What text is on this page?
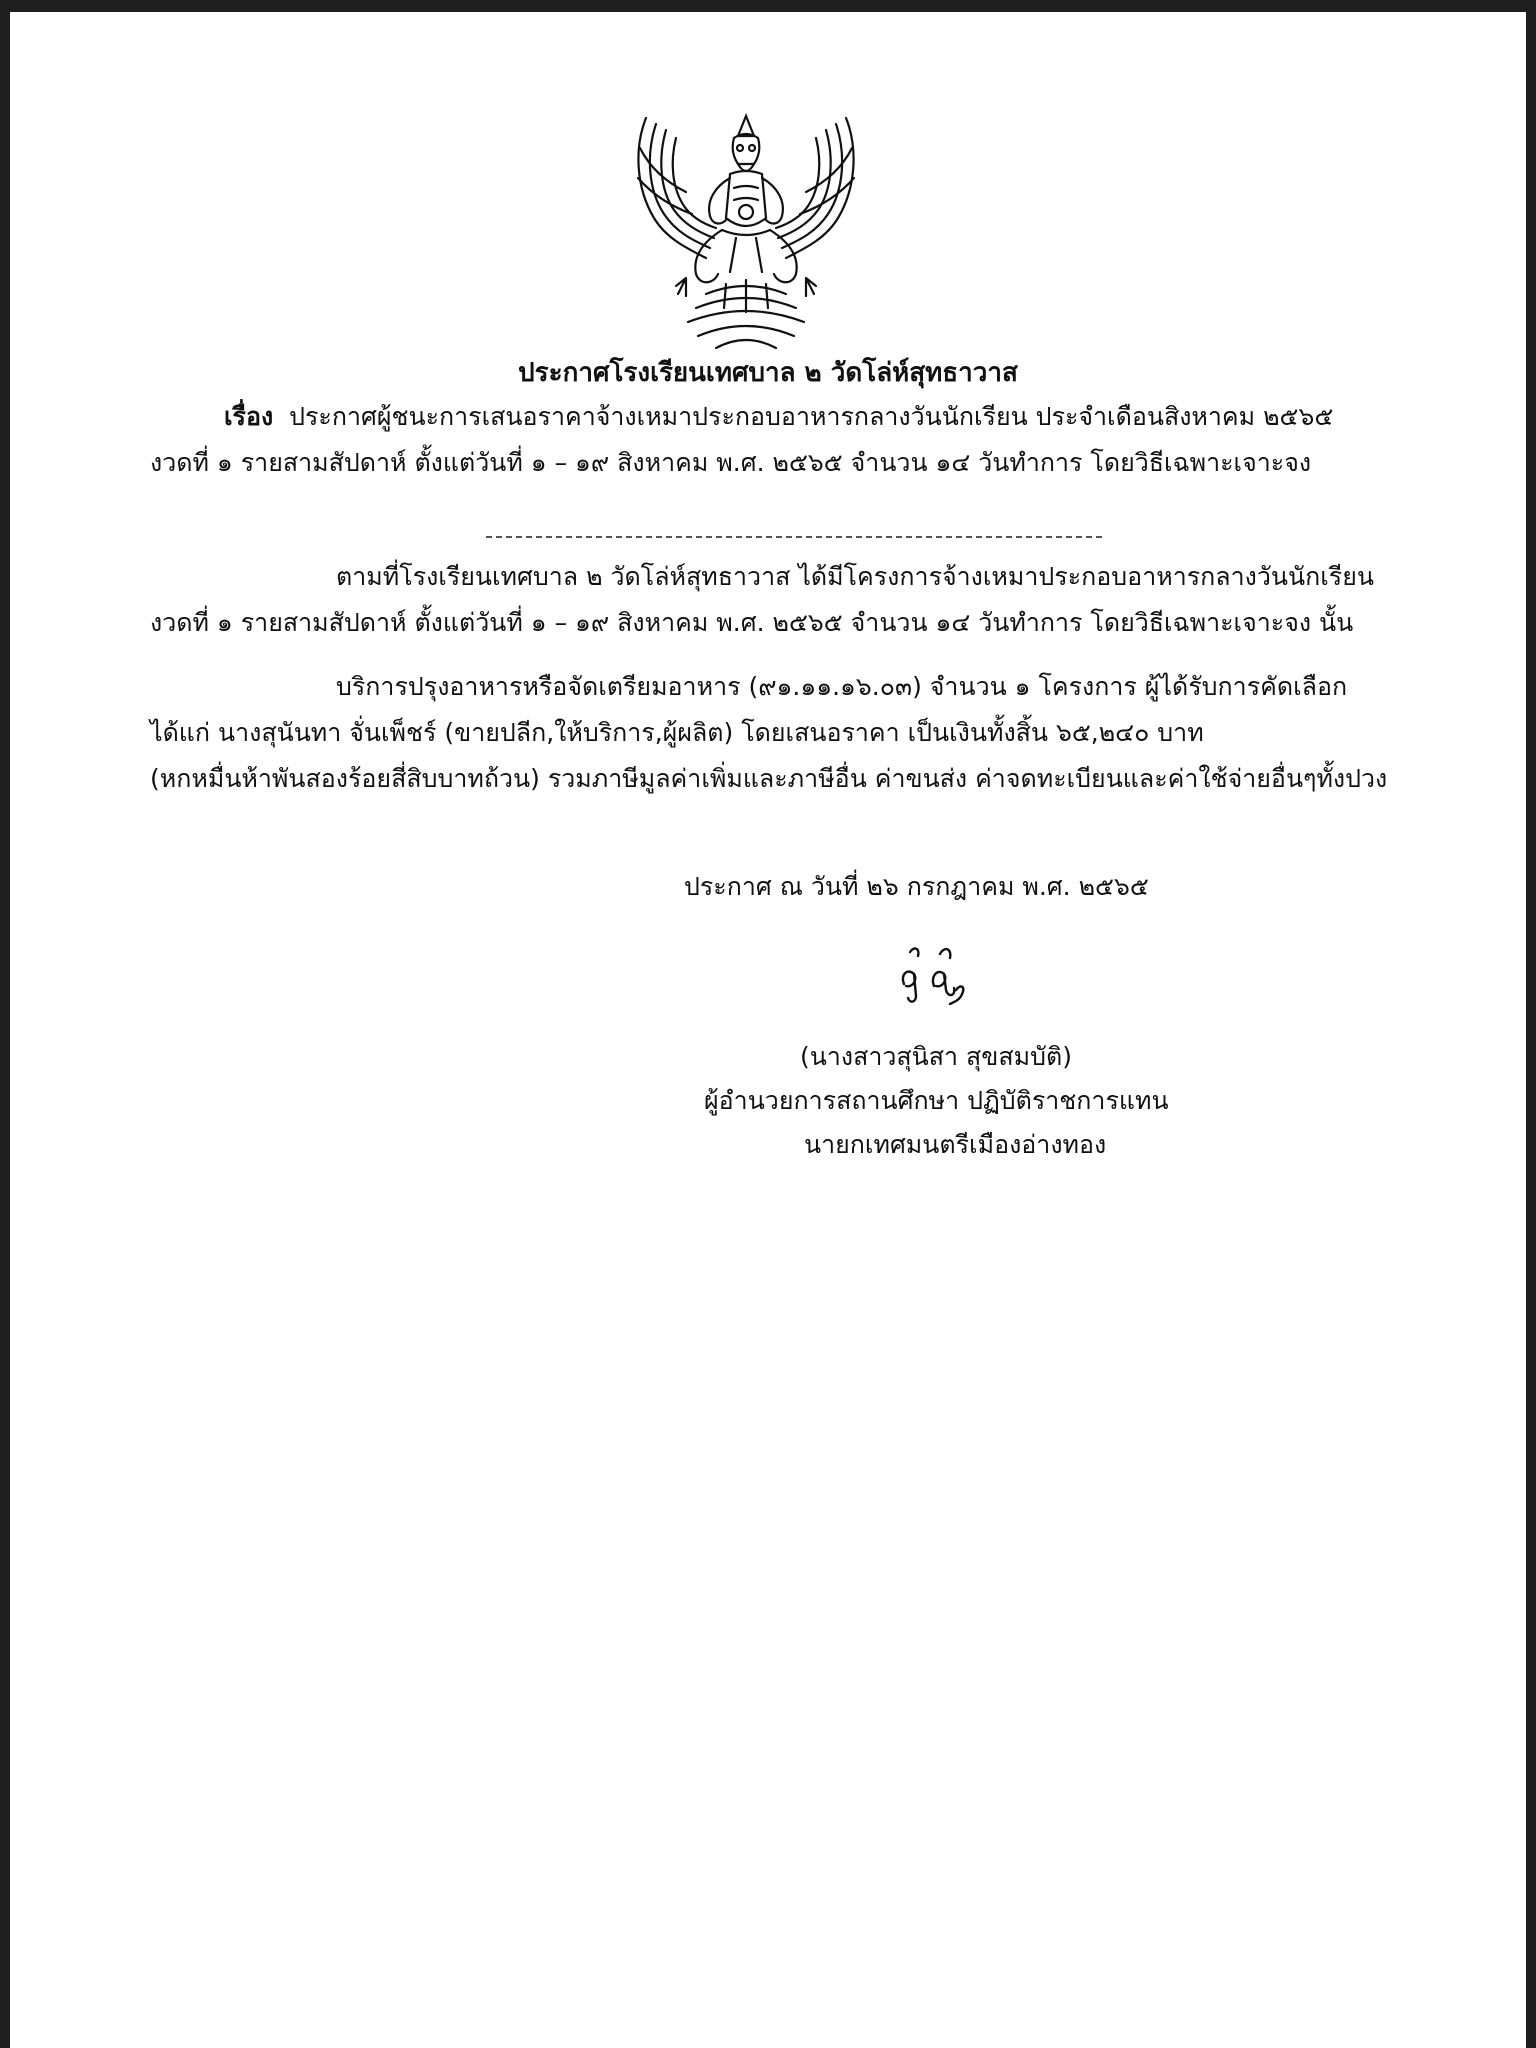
ประกาศโรงเรียนเทศบาล ๒ วัดโล่ห์สุทธาวาส
เรื่อง ประกาศผู้ชนะการเสนอราคาจ้างเหมาประกอบอาหารกลางวันนักเรียน ประจำเดือนสิงหาคม ๒๕๖๕
งวดที่ ๑ รายสามสัปดาห์ ตั้งแต่วันที่ ๑ – ๑๙ สิงหาคม พ.ศ. ๒๕๖๕ จำนวน ๑๔ วันทำการ โดยวิธีเฉพาะเจาะจง
ตามที่โรงเรียนเทศบาล ๒ วัดโล่ห์สุทธาวาส ได้มีโครงการจ้างเหมาประกอบอาหารกลางวันนักเรียน
งวดที่ ๑ รายสามสัปดาห์ ตั้งแต่วันที่ ๑ – ๑๙ สิงหาคม พ.ศ. ๒๕๖๕ จำนวน ๑๔ วันทำการ โดยวิธีเฉพาะเจาะจง นั้น
บริการปรุงอาหารหรือจัดเตรียมอาหาร (๙๑.๑๑.๑๖.๐๓) จำนวน ๑ โครงการ ผู้ได้รับการคัดเลือก
ได้แก่ นางสุนันทา จั่นเพ็ชร์ (ขายปลีก,ให้บริการ,ผู้ผลิต) โดยเสนอราคา เป็นเงินทั้งสิ้น ๖๕,๒๔๐ บาท
(หกหมื่นห้าพันสองร้อยสี่สิบบาทถ้วน) รวมภาษีมูลค่าเพิ่มและภาษีอื่น ค่าขนส่ง ค่าจดทะเบียนและค่าใช้จ่ายอื่นๆทั้งปวง
ประกาศ ณ วันที่ ๒๖ กรกฎาคม พ.ศ. ๒๕๖๕
(นางสาวสุนิสา สุขสมบัติ)
ผู้อำนวยการสถานศึกษา ปฏิบัติราชการแทน
นายกเทศมนตรีเมืองอ่างทอง
